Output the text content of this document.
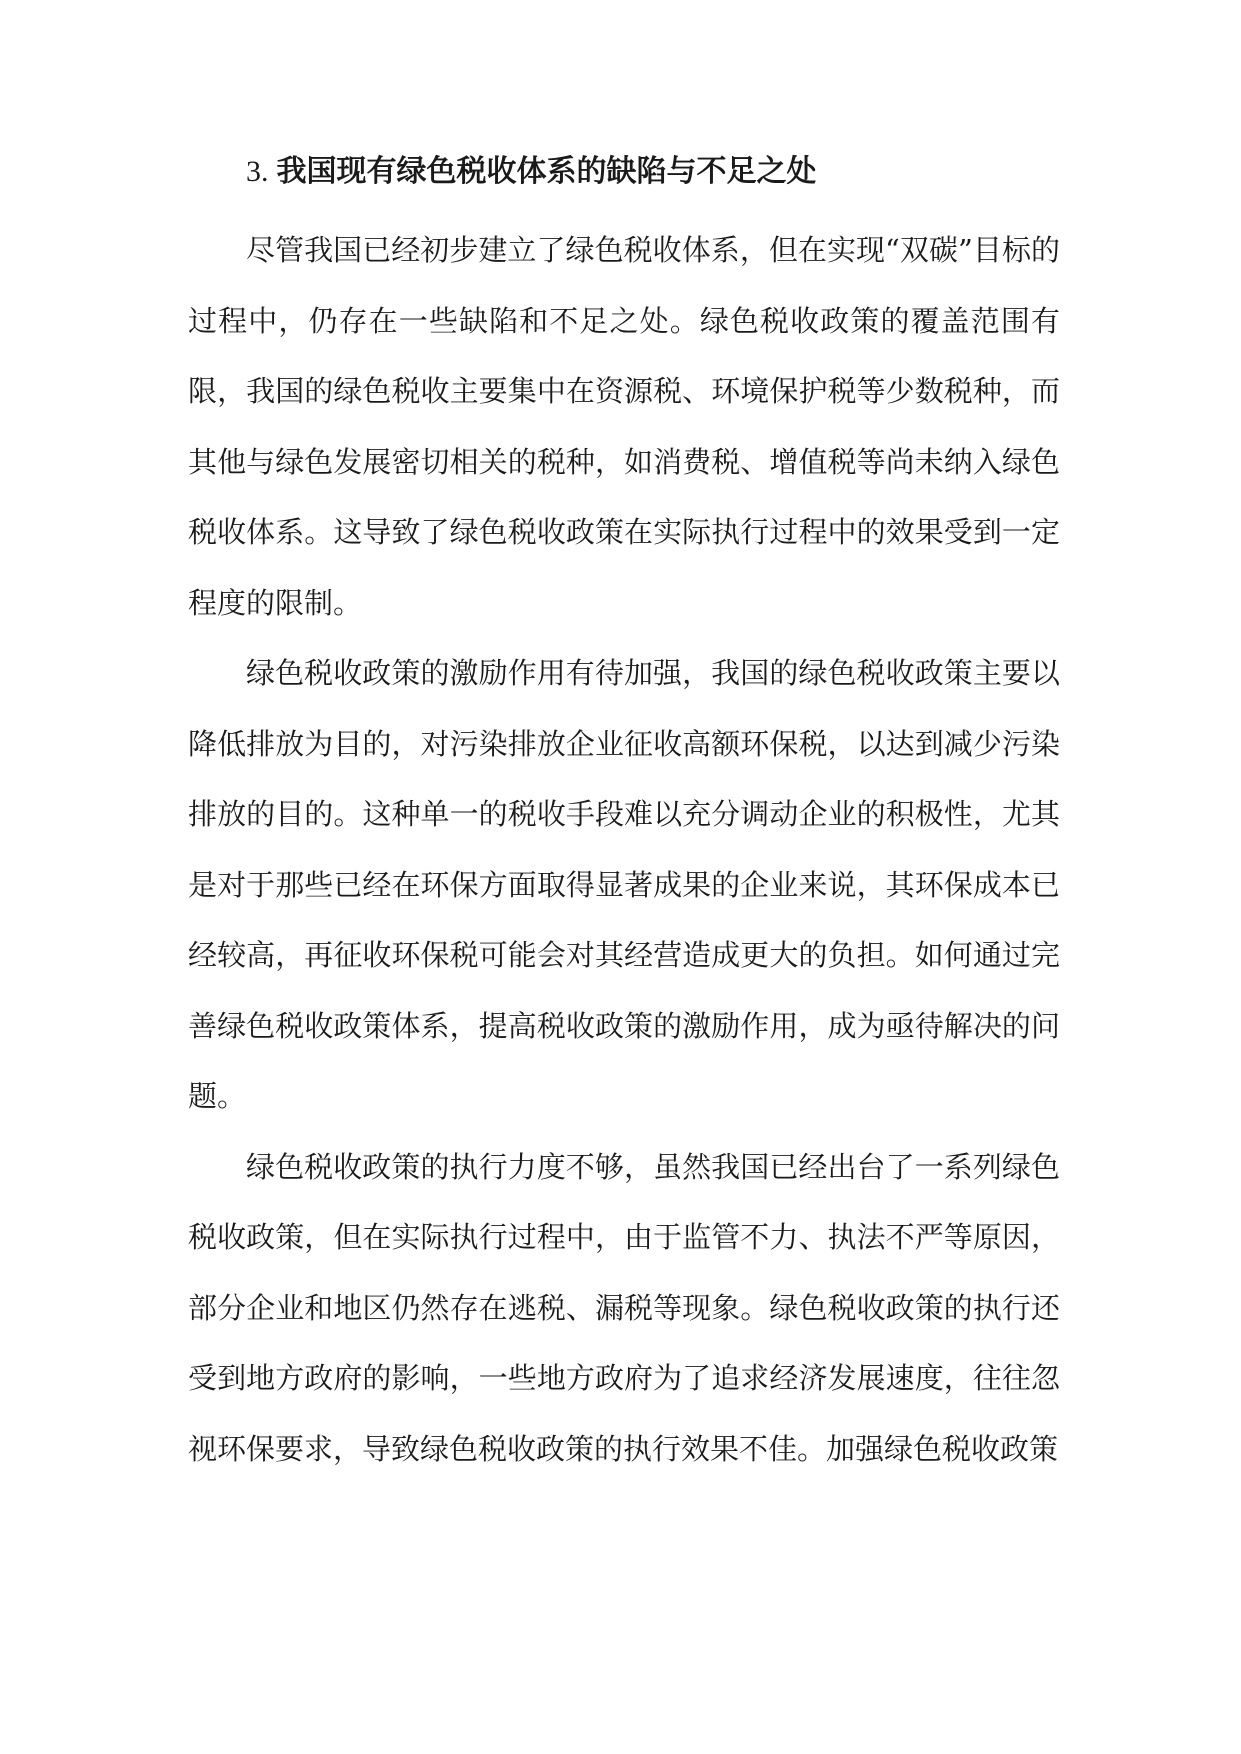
3. 我国现有绿色税收体系的缺陷与不足之处

尽管我国已经初步建立了绿色税收体系，但在实现“双碳”目标的过程中，仍存在一些缺陷和不足之处。绿色税收政策的覆盖范围有限，我国的绿色税收主要集中在资源税、环境保护税等少数税种，而其他与绿色发展密切相关的税种，如消费税、增值税等尚未纳入绿色税收体系。这导致了绿色税收政策在实际执行过程中的效果受到一定程度的限制。

绿色税收政策的激励作用有待加强，我国的绿色税收政策主要以降低排放为目的，对污染排放企业征收高额环保税，以达到减少污染排放的目的。这种单一的税收手段难以充分调动企业的积极性，尤其是对于那些已经在环保方面取得显著成果的企业来说，其环保成本已经较高，再征收环保税可能会对其经营造成更大的负担。如何通过完善绿色税收政策体系，提高税收政策的激励作用，成为亟待解决的问题。

绿色税收政策的执行力度不够，虽然我国已经出台了一系列绿色税收政策，但在实际执行过程中，由于监管不力、执法不严等原因，部分企业和地区仍然存在逃税、漏税等现象。绿色税收政策的执行还受到地方政府的影响，一些地方政府为了追求经济发展速度，往往忽视环保要求，导致绿色税收政策的执行效果不佳。加强绿色税收政策
